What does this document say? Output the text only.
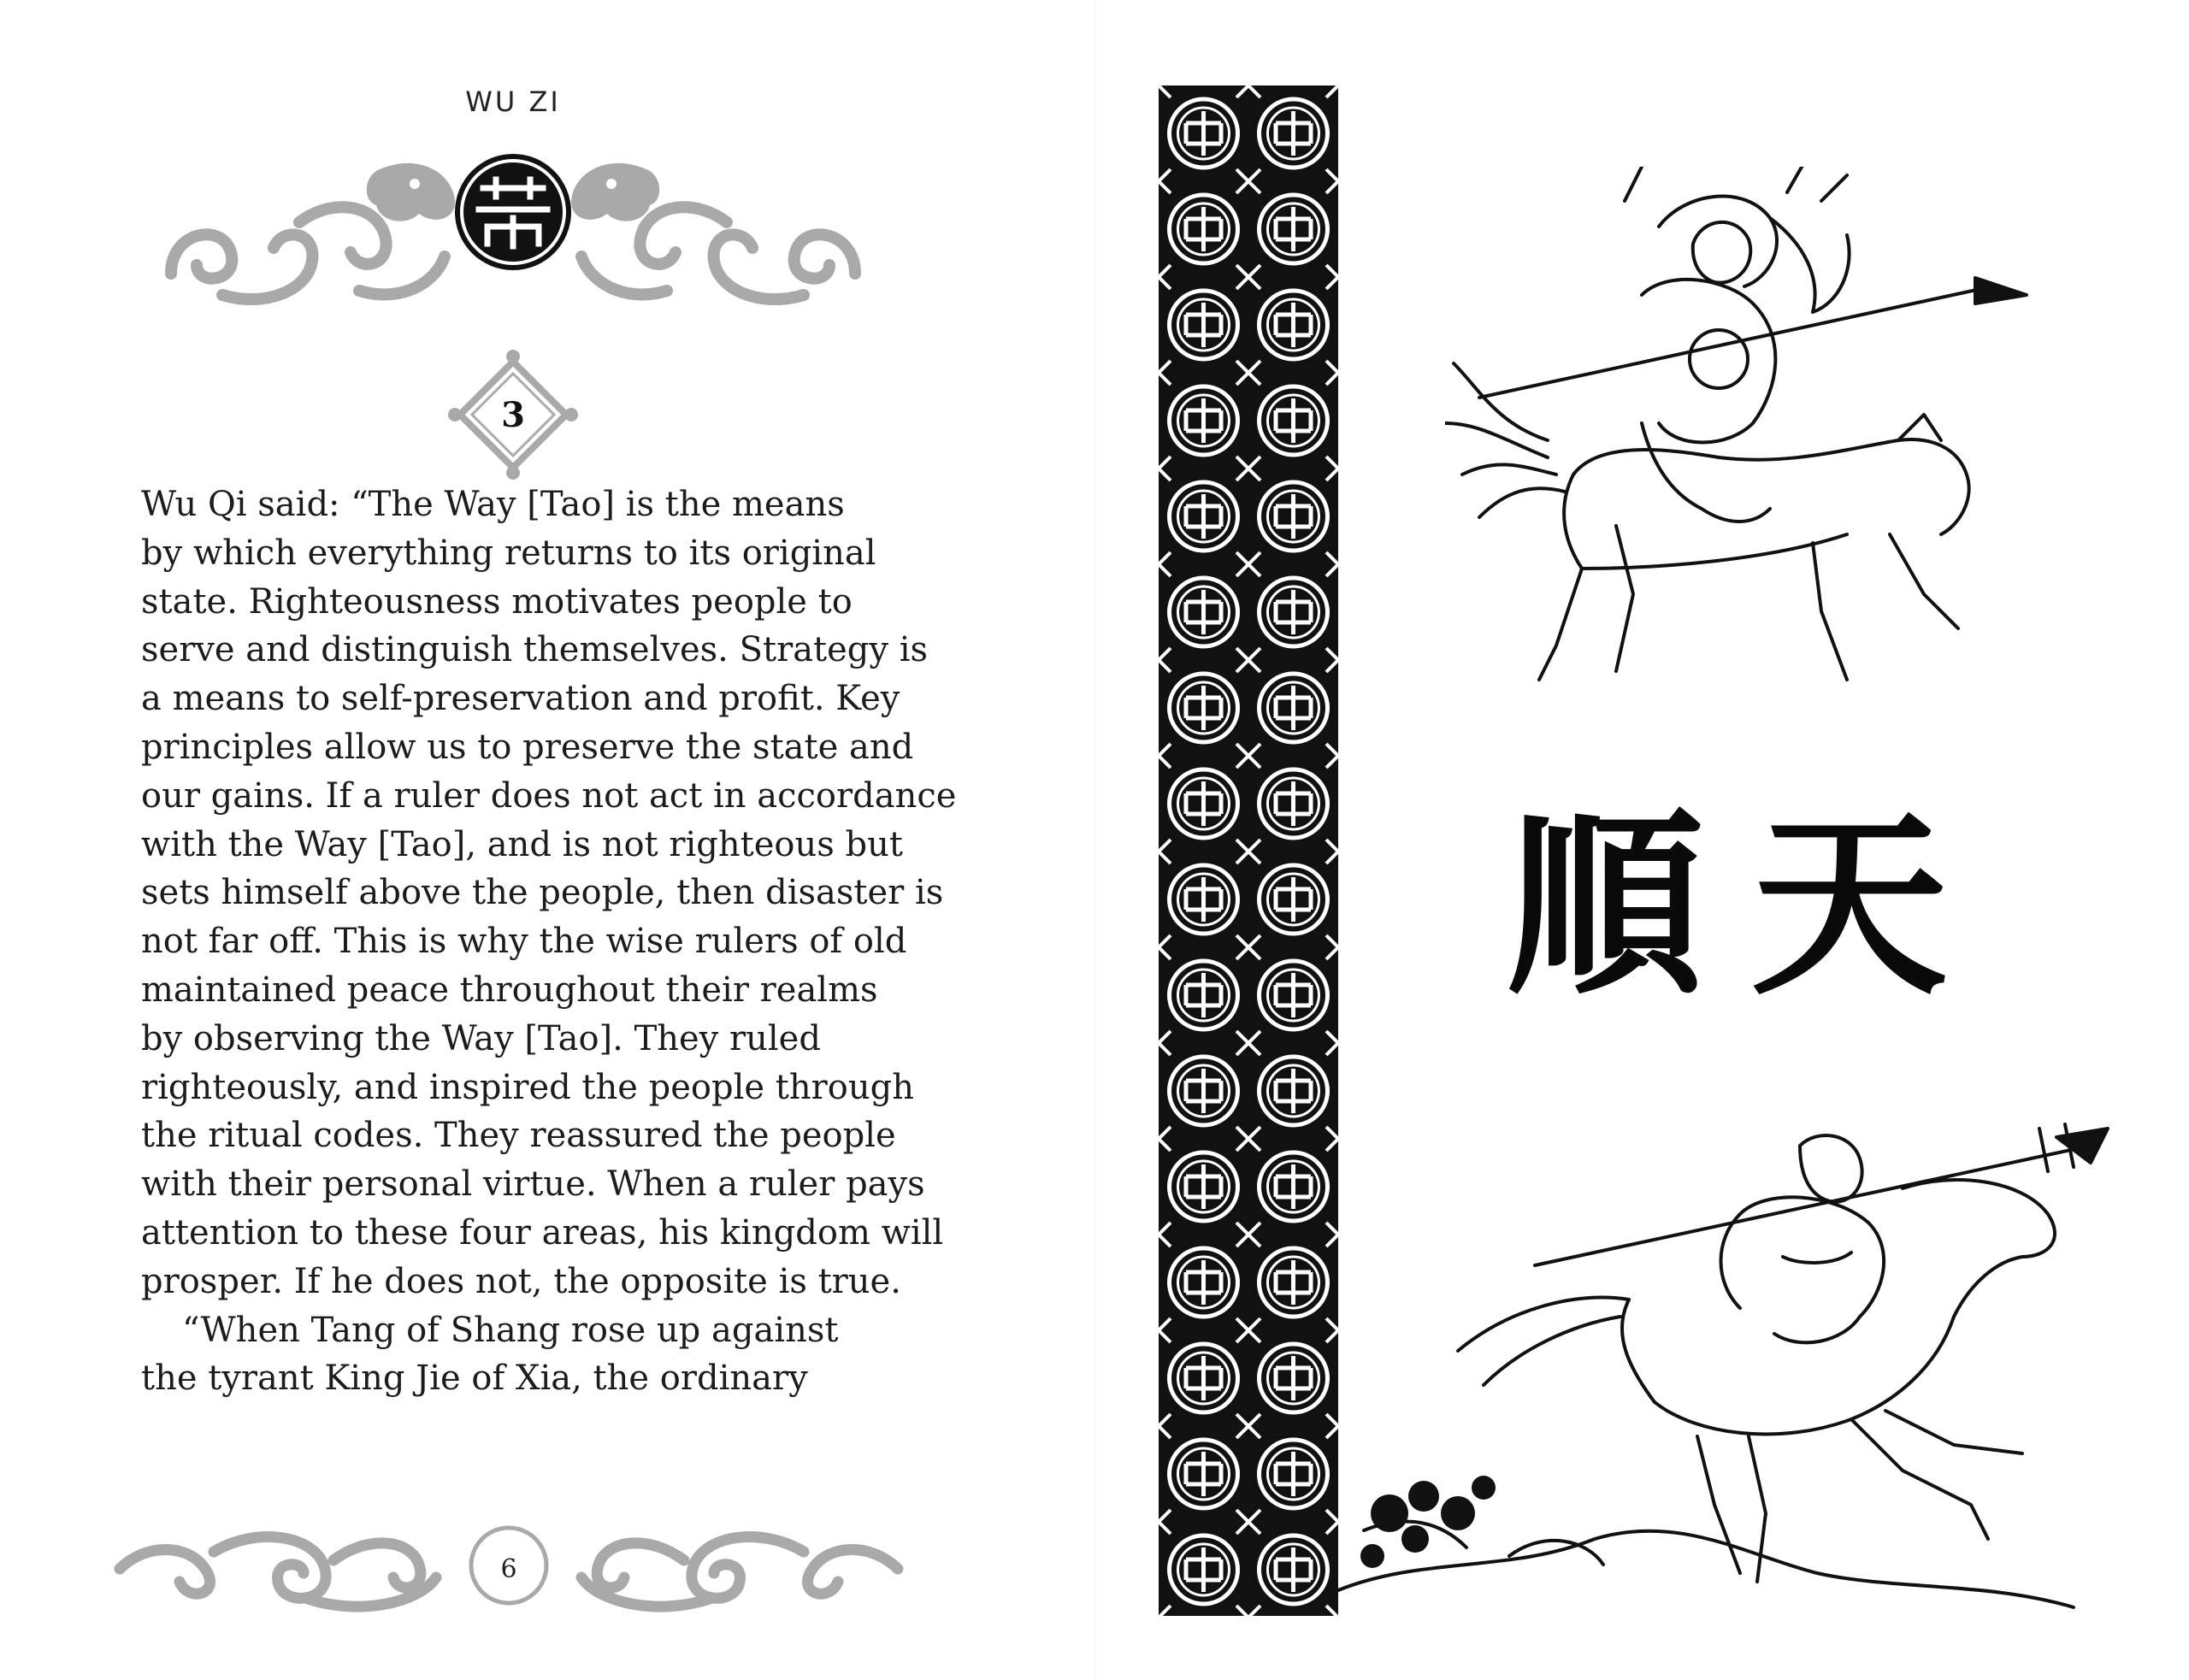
WU ZI
3
Wu Qi said: “The Way [Tao] is the means
by which everything returns to its original
state. Righteousness motivates people to
serve and distinguish themselves. Strategy is
a means to self-preservation and profit. Key
principles allow us to preserve the state and
our gains. If a ruler does not act in accordance
with the Way [Tao], and is not righteous but
sets himself above the people, then disaster is
not far off. This is why the wise rulers of old
maintained peace throughout their realms
by observing the Way [Tao]. They ruled
righteously, and inspired the people through
the ritual codes. They reassured the people
with their personal virtue. When a ruler pays
attention to these four areas, his kingdom will
prosper. If he does not, the opposite is true.
“When Tang of Shang rose up against
the tyrant King Jie of Xia, the ordinary
6
順 天
